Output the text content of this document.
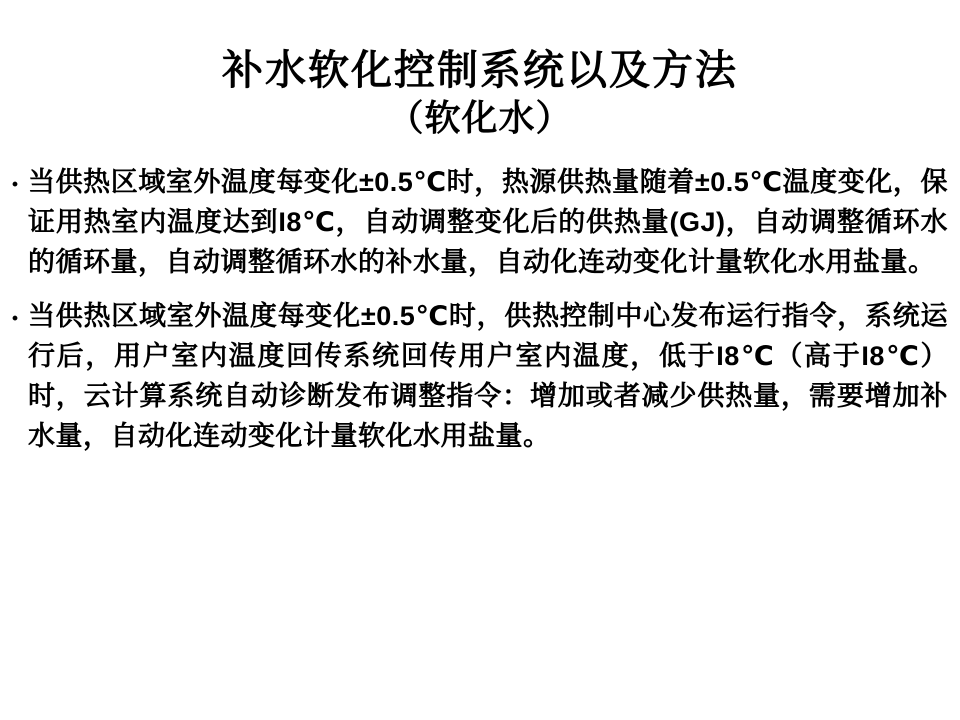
补水软化控制系统以及方法
（软化水）
· 当供热区域室外温度每变化±0.5℃时，热源供热量随着±0.5℃温度变化，保证用热室内温度达到I8℃，自动调整变化后的供热量(GJ)，自动调整循环水的循环量，自动调整循环水的补水量，自动化连动变化计量软化水用盐量。
· 当供热区域室外温度每变化±0.5℃时，供热控制中心发布运行指令，系统运行后，用户室内温度回传系统回传用户室内温度，低于I8℃（高于I8℃）时，云计算系统自动诊断发布调整指令：增加或者减少供热量，需要增加补水量，自动化连动变化计量软化水用盐量。
